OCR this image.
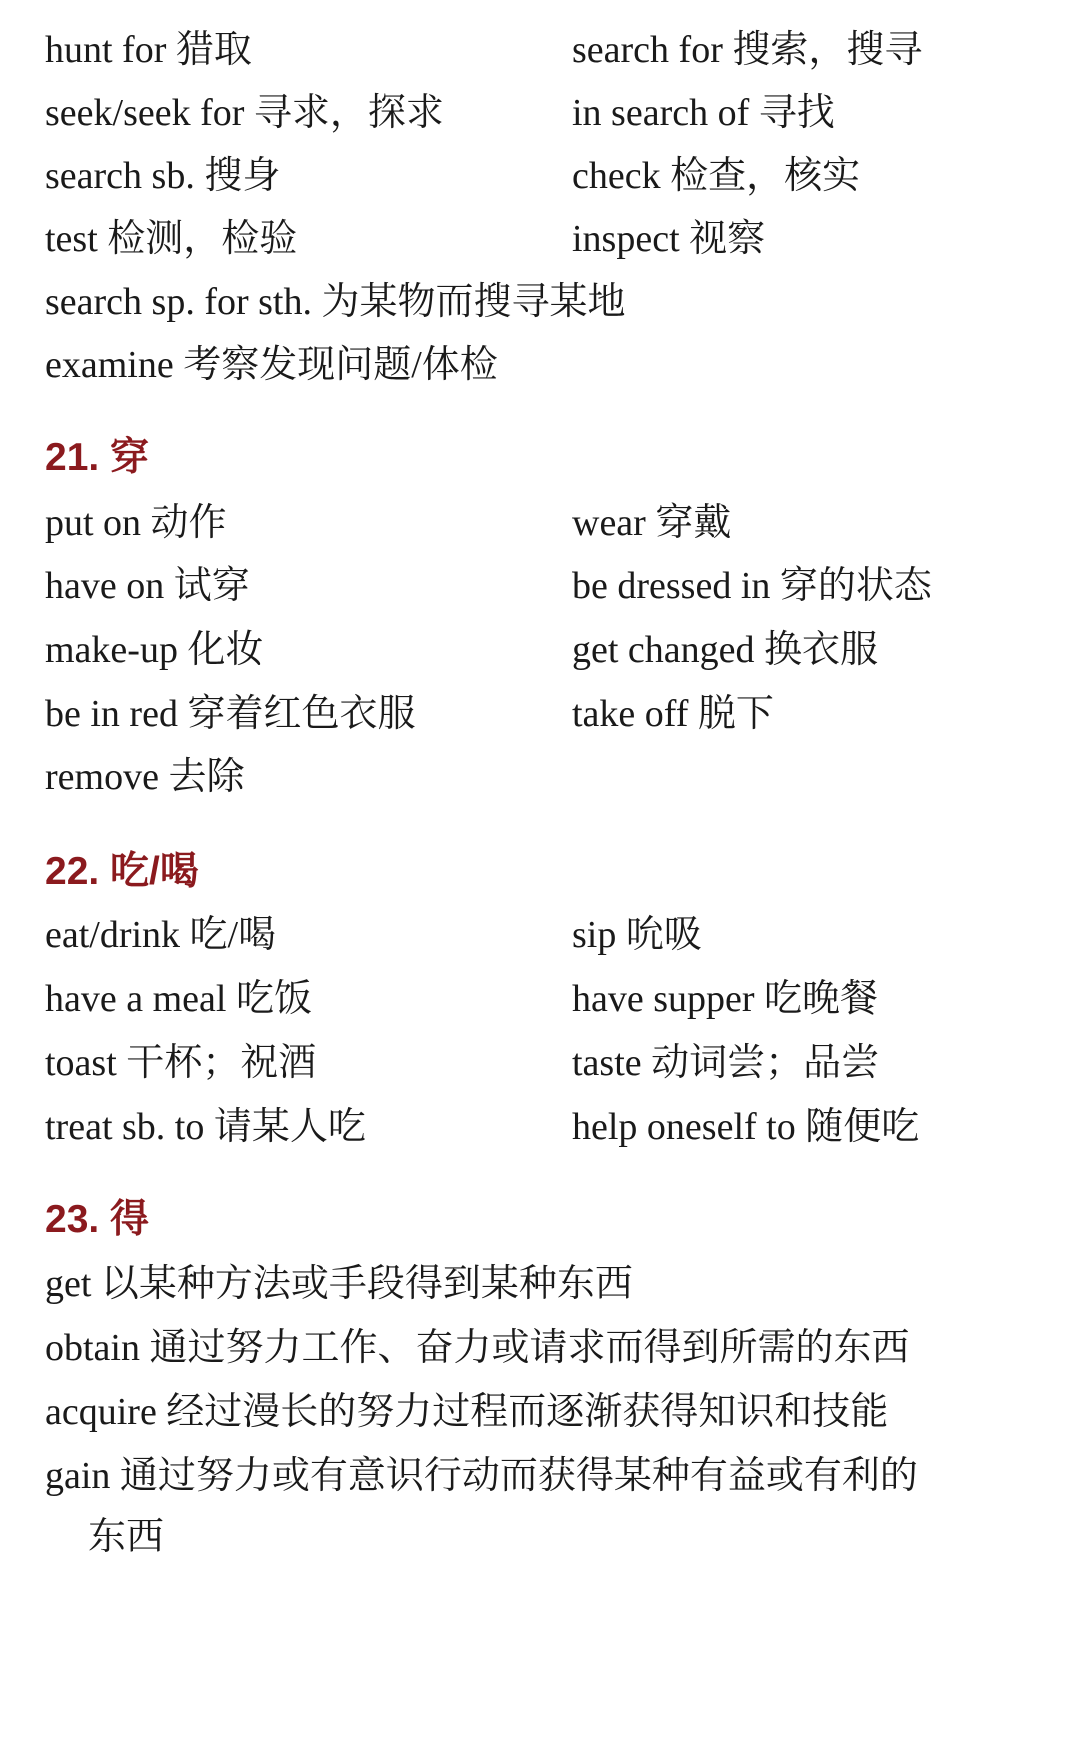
hunt for 猎取	search for 搜索，搜寻
seek/seek for 寻求，探求	in search of 寻找
search sb. 搜身	check 检查，核实
test 检测，检验	inspect 视察
search sp. for sth. 为某物而搜寻某地
examine 考察发现问题/体检
21. 穿
put on 动作	wear 穿戴
have on 试穿	be dressed in 穿的状态
make-up 化妆	get changed 换衣服
be in red 穿着红色衣服	take off 脱下
remove 去除
22. 吃/喝
eat/drink 吃/喝	sip 吮吸
have a meal 吃饭	have supper 吃晚餐
toast 干杯；祝酒	taste 动词尝；品尝
treat sb. to 请某人吃	help oneself to 随便吃
23. 得
get 以某种方法或手段得到某种东西
obtain 通过努力工作、奋力或请求而得到所需的东西
acquire 经过漫长的努力过程而逐渐获得知识和技能
gain 通过努力或有意识行动而获得某种有益或有利的
东西
